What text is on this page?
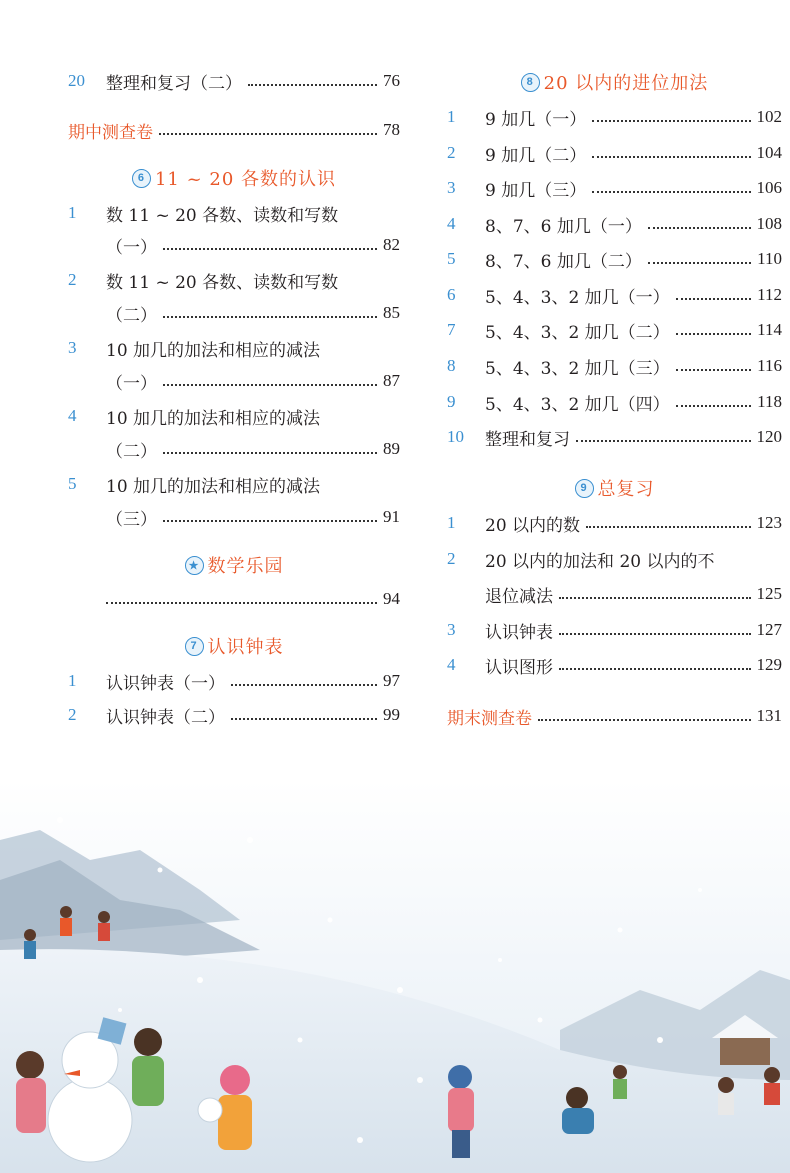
20	整理和复习（二）	76
期中测查卷	78
6 11 ~ 20 各数的认识
1	数 11 ~ 20 各数、读数和写数
（一）	82
2	数 11 ~ 20 各数、读数和写数
（二）	85
3	10 加几的加法和相应的减法
（一）	87
4	10 加几的加法和相应的减法
（二）	89
5	10 加几的加法和相应的减法
（三）	91
★ 数学乐园
94
7 认识钟表
1	认识钟表（一）	97
2	认识钟表（二）	99
8 20 以内的进位加法
1	9 加几（一）	102
2	9 加几（二）	104
3	9 加几（三）	106
4	8、7、6 加几（一）	108
5	8、7、6 加几（二）	110
6	5、4、3、2 加几（一）	112
7	5、4、3、2 加几（二）	114
8	5、4、3、2 加几（三）	116
9	5、4、3、2 加几（四）	118
10	整理和复习	120
9 总复习
1	20 以内的数	123
2	20 以内的加法和 20 以内的不
退位减法	125
3	认识钟表	127
4	认识图形	129
期末测查卷	131
